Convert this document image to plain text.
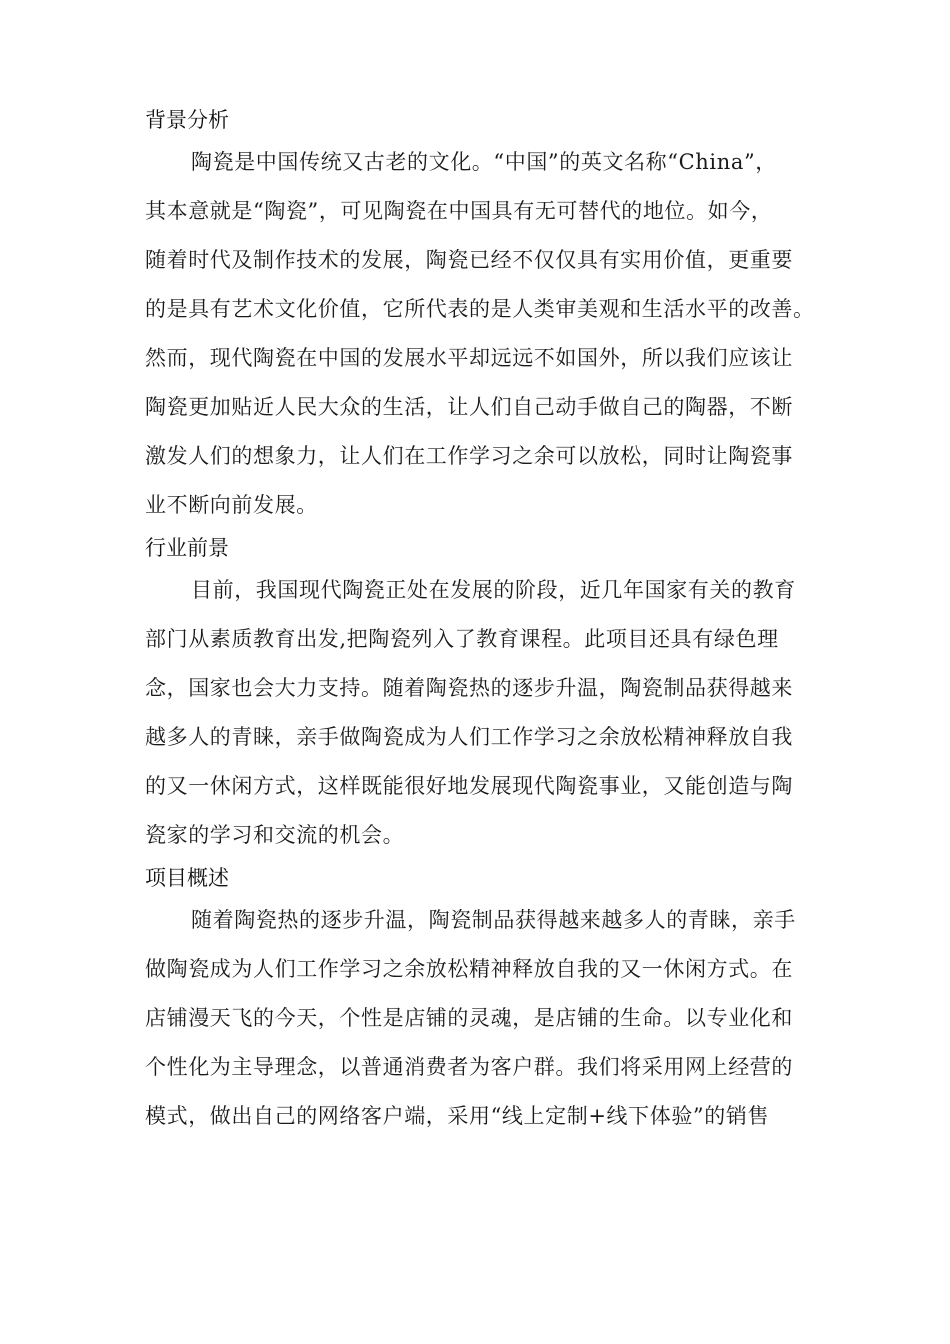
背景分析
陶瓷是中国传统又古老的文化。“中国”的英文名称“China”，
其本意就是“陶瓷”，可见陶瓷在中国具有无可替代的地位。如今，
随着时代及制作技术的发展，陶瓷已经不仅仅具有实用价值，更重要
的是具有艺术文化价值，它所代表的是人类审美观和生活水平的改善。
然而，现代陶瓷在中国的发展水平却远远不如国外，所以我们应该让
陶瓷更加贴近人民大众的生活，让人们自己动手做自己的陶器，不断
激发人们的想象力，让人们在工作学习之余可以放松，同时让陶瓷事
业不断向前发展。
行业前景
目前，我国现代陶瓷正处在发展的阶段，近几年国家有关的教育
部门从素质教育出发,把陶瓷列入了教育课程。此项目还具有绿色理
念，国家也会大力支持。随着陶瓷热的逐步升温，陶瓷制品获得越来
越多人的青睐，亲手做陶瓷成为人们工作学习之余放松精神释放自我
的又一休闲方式，这样既能很好地发展现代陶瓷事业，又能创造与陶
瓷家的学习和交流的机会。
项目概述
随着陶瓷热的逐步升温，陶瓷制品获得越来越多人的青睐，亲手
做陶瓷成为人们工作学习之余放松精神释放自我的又一休闲方式。在
店铺漫天飞的今天，个性是店铺的灵魂，是店铺的生命。以专业化和
个性化为主导理念，以普通消费者为客户群。我们将采用网上经营的
模式，做出自己的网络客户端，采用“线上定制+线下体验”的销售
